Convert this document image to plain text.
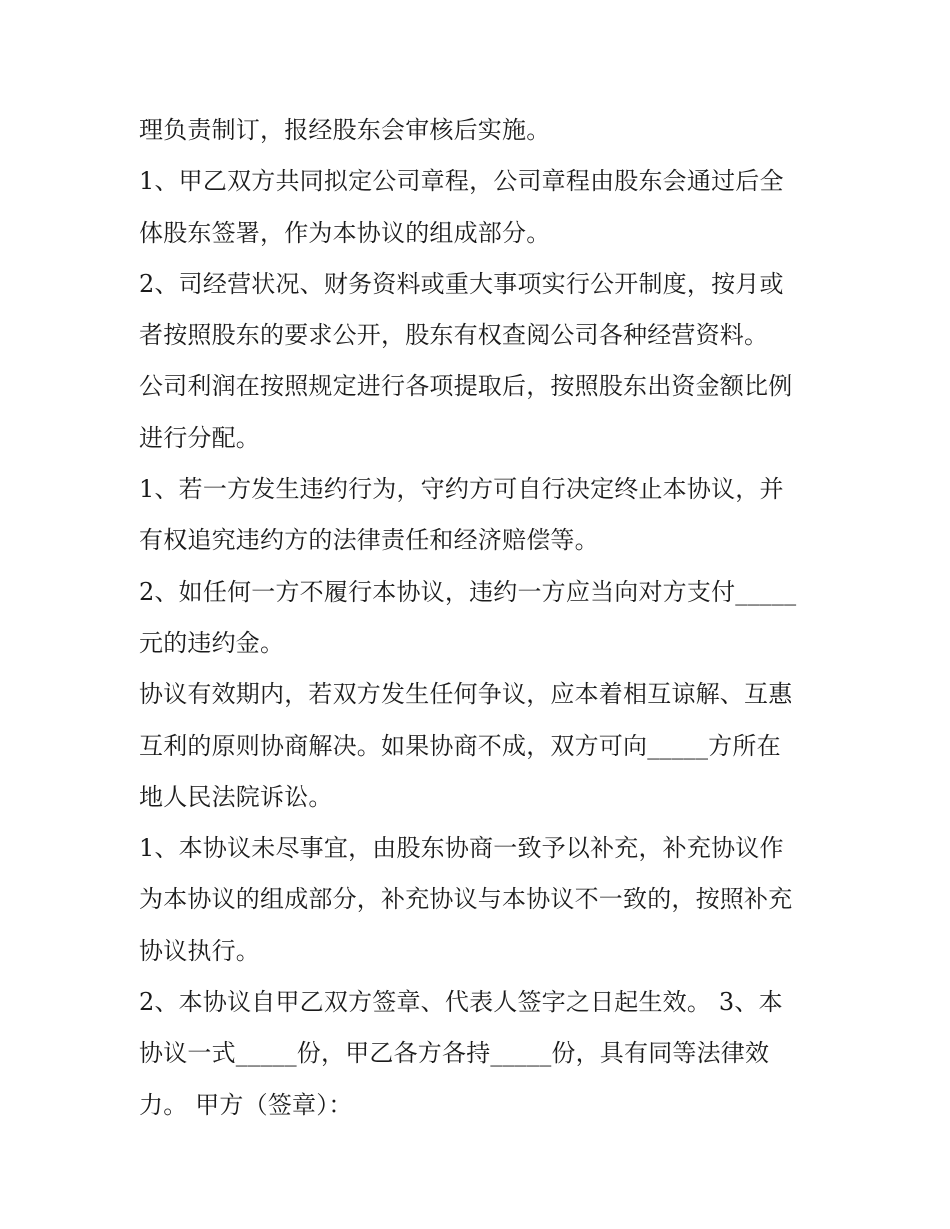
理负责制订，报经股东会审核后实施。
1、甲乙双方共同拟定公司章程，公司章程由股东会通过后全
体股东签署，作为本协议的组成部分。
2、司经营状况、财务资料或重大事项实行公开制度，按月或
者按照股东的要求公开，股东有权查阅公司各种经营资料。
公司利润在按照规定进行各项提取后，按照股东出资金额比例
进行分配。
1、若一方发生违约行为，守约方可自行决定终止本协议，并
有权追究违约方的法律责任和经济赔偿等。
2、如任何一方不履行本协议，违约一方应当向对方支付_____
元的违约金。
协议有效期内，若双方发生任何争议，应本着相互谅解、互惠
互利的原则协商解决。如果协商不成，双方可向_____方所在
地人民法院诉讼。
1、本协议未尽事宜，由股东协商一致予以补充，补充协议作
为本协议的组成部分，补充协议与本协议不一致的，按照补充
协议执行。
2、本协议自甲乙双方签章、代表人签字之日起生效。 3、本
协议一式_____份，甲乙各方各持_____份，具有同等法律效
力。 甲方（签章）：
